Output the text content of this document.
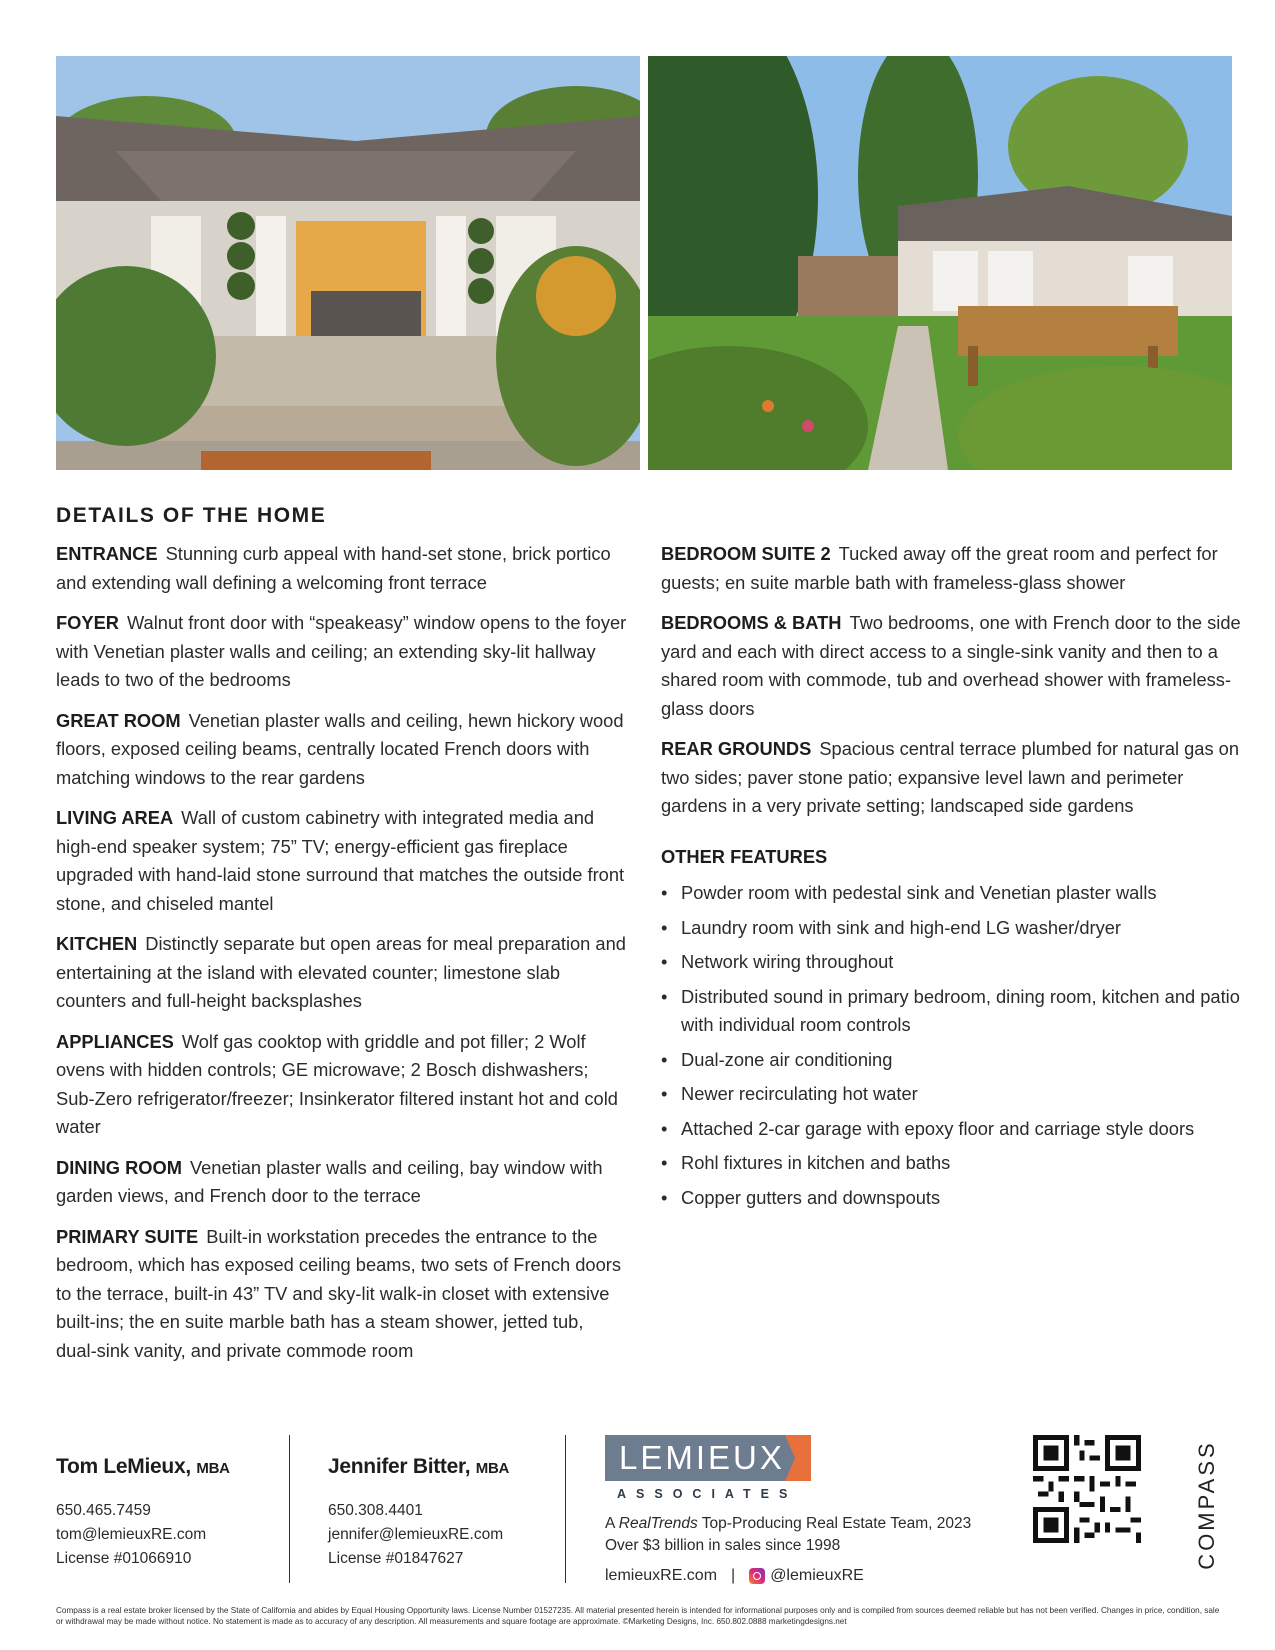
DETAILS OF THE HOME
ENTRANCE Stunning curb appeal with hand-set stone, brick portico and extending wall defining a welcoming front terrace
FOYER Walnut front door with “speakeasy” window opens to the foyer with Venetian plaster walls and ceiling; an extending sky-lit hallway leads to two of the bedrooms
GREAT ROOM Venetian plaster walls and ceiling, hewn hickory wood floors, exposed ceiling beams, centrally located French doors with matching windows to the rear gardens
LIVING AREA Wall of custom cabinetry with integrated media and high-end speaker system; 75” TV; energy-efficient gas fireplace upgraded with hand-laid stone surround that matches the outside front stone, and chiseled mantel
KITCHEN Distinctly separate but open areas for meal preparation and entertaining at the island with elevated counter; limestone slab counters and full-height backsplashes
APPLIANCES Wolf gas cooktop with griddle and pot filler; 2 Wolf ovens with hidden controls; GE microwave; 2 Bosch dishwashers; Sub-Zero refrigerator/freezer; Insinkerator filtered instant hot and cold water
DINING ROOM Venetian plaster walls and ceiling, bay window with garden views, and French door to the terrace
PRIMARY SUITE Built-in workstation precedes the entrance to the bedroom, which has exposed ceiling beams, two sets of French doors to the terrace, built-in 43” TV and sky-lit walk-in closet with extensive built-ins; the en suite marble bath has a steam shower, jetted tub, dual-sink vanity, and private commode room
BEDROOM SUITE 2 Tucked away off the great room and perfect for guests; en suite marble bath with frameless-glass shower
BEDROOMS & BATH Two bedrooms, one with French door to the side yard and each with direct access to a single-sink vanity and then to a shared room with commode, tub and overhead shower with frameless-glass doors
REAR GROUNDS Spacious central terrace plumbed for natural gas on two sides; paver stone patio; expansive level lawn and perimeter gardens in a very private setting; landscaped side gardens
OTHER FEATURES
• Powder room with pedestal sink and Venetian plaster walls
• Laundry room with sink and high-end LG washer/dryer
• Network wiring throughout
• Distributed sound in primary bedroom, dining room, kitchen and patio with individual room controls
• Dual-zone air conditioning
• Newer recirculating hot water
• Attached 2-car garage with epoxy floor and carriage style doors
• Rohl fixtures in kitchen and baths
• Copper gutters and downspouts
Tom LeMieux, MBA
650.465.7459
tom@lemieuxRE.com
License #01066910
Jennifer Bitter, MBA
650.308.4401
jennifer@lemieuxRE.com
License #01847627
LEMIEUX
ASSOCIATES
A RealTrends Top-Producing Real Estate Team, 2023
Over $3 billion in sales since 1998
lemieuxRE.com | @lemieuxRE
COMPASS
Compass is a real estate broker licensed by the State of California and abides by Equal Housing Opportunity laws. License Number 01527235. All material presented herein is intended for informational purposes only and is compiled from sources deemed reliable but has not been verified. Changes in price, condition, sale or withdrawal may be made without notice. No statement is made as to accuracy of any description. All measurements and square footage are approximate. ©Marketing Designs, Inc. 650.802.0888 marketingdesigns.net
